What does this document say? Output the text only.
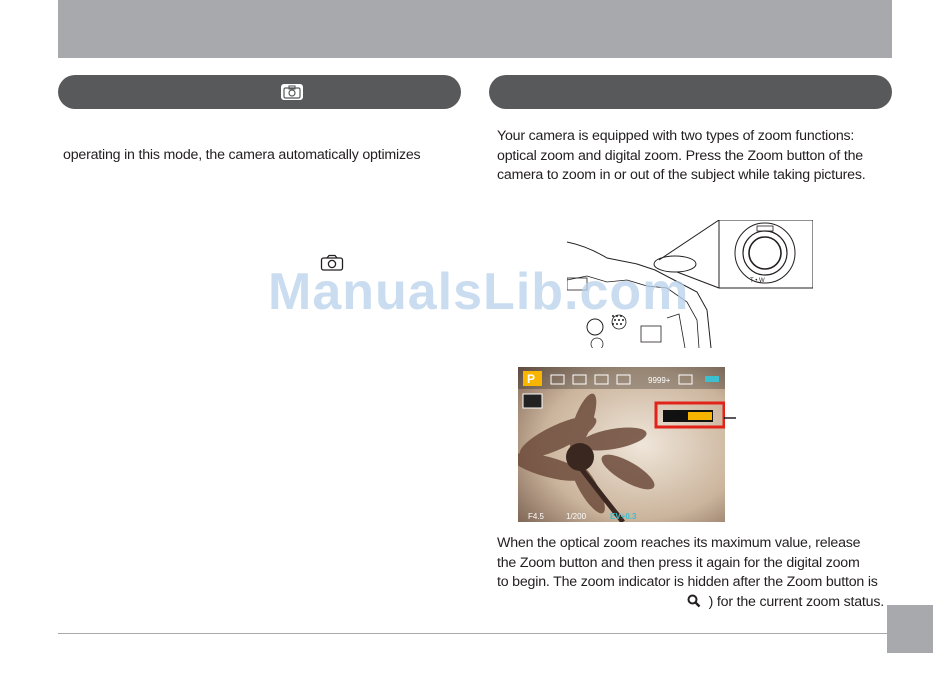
operating in this mode, the camera automatically optimizes
Your camera is equipped with two types of zoom functions:
optical zoom and digital zoom. Press the Zoom button of the
camera to zoom in or out of the subject while taking pictures.
T • W
P	9999+
F4.5	1/200	EV+0.3
When the optical zoom reaches its maximum value, release
the Zoom button and then press it again for the digital zoom
to begin. The zoom indicator is hidden after the Zoom button is
) for the current zoom status.
ManualsLib.com
